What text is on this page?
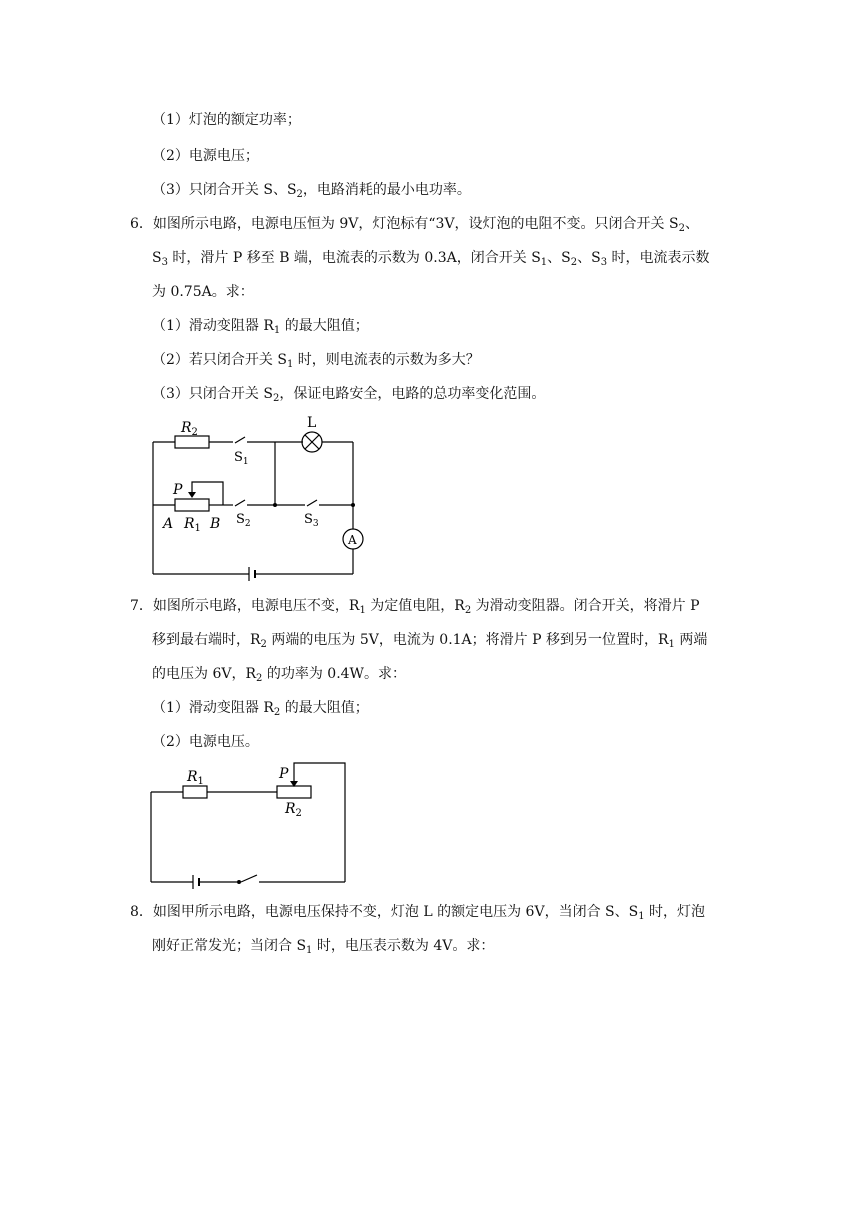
（1）灯泡的额定功率；
（2）电源电压；
（3）只闭合开关 S、$S_2$，电路消耗的最小电功率。
6．如图所示电路，电源电压恒为 9V，灯泡标有“3V，设灯泡的电阻不变。只闭合开关 $S_2$、
$S_3$ 时，滑片 P 移至 B 端，电流表的示数为 0.3A，闭合开关 $S_1$、$S_2$、$S_3$ 时，电流表示数
为 0.75A。求：
（1）滑动变阻器 $R_1$ 的最大阻值；
（2）若只闭合开关 $S_1$ 时，则电流表的示数为多大？
（3）只闭合开关 $S_2$，保证电路安全，电路的总功率变化范围。
$R_2$
$S_1$
L
P
A $R_1$ B $S_2$	$S_3$
A
7．如图所示电路，电源电压不变，$R_1$ 为定值电阻，$R_2$ 为滑动变阻器。闭合开关，将滑片 P
移到最右端时，$R_2$ 两端的电压为 5V，电流为 0.1A；将滑片 P 移到另一位置时，$R_1$ 两端
的电压为 6V，$R_2$ 的功率为 0.4W。求：
（1）滑动变阻器 $R_2$ 的最大阻值；
（2）电源电压。
$R_1$	P
$R_2$
8．如图甲所示电路，电源电压保持不变，灯泡 L 的额定电压为 6V，当闭合 S、$S_1$ 时，灯泡
刚好正常发光；当闭合 $S_1$ 时，电压表示数为 4V。求：
